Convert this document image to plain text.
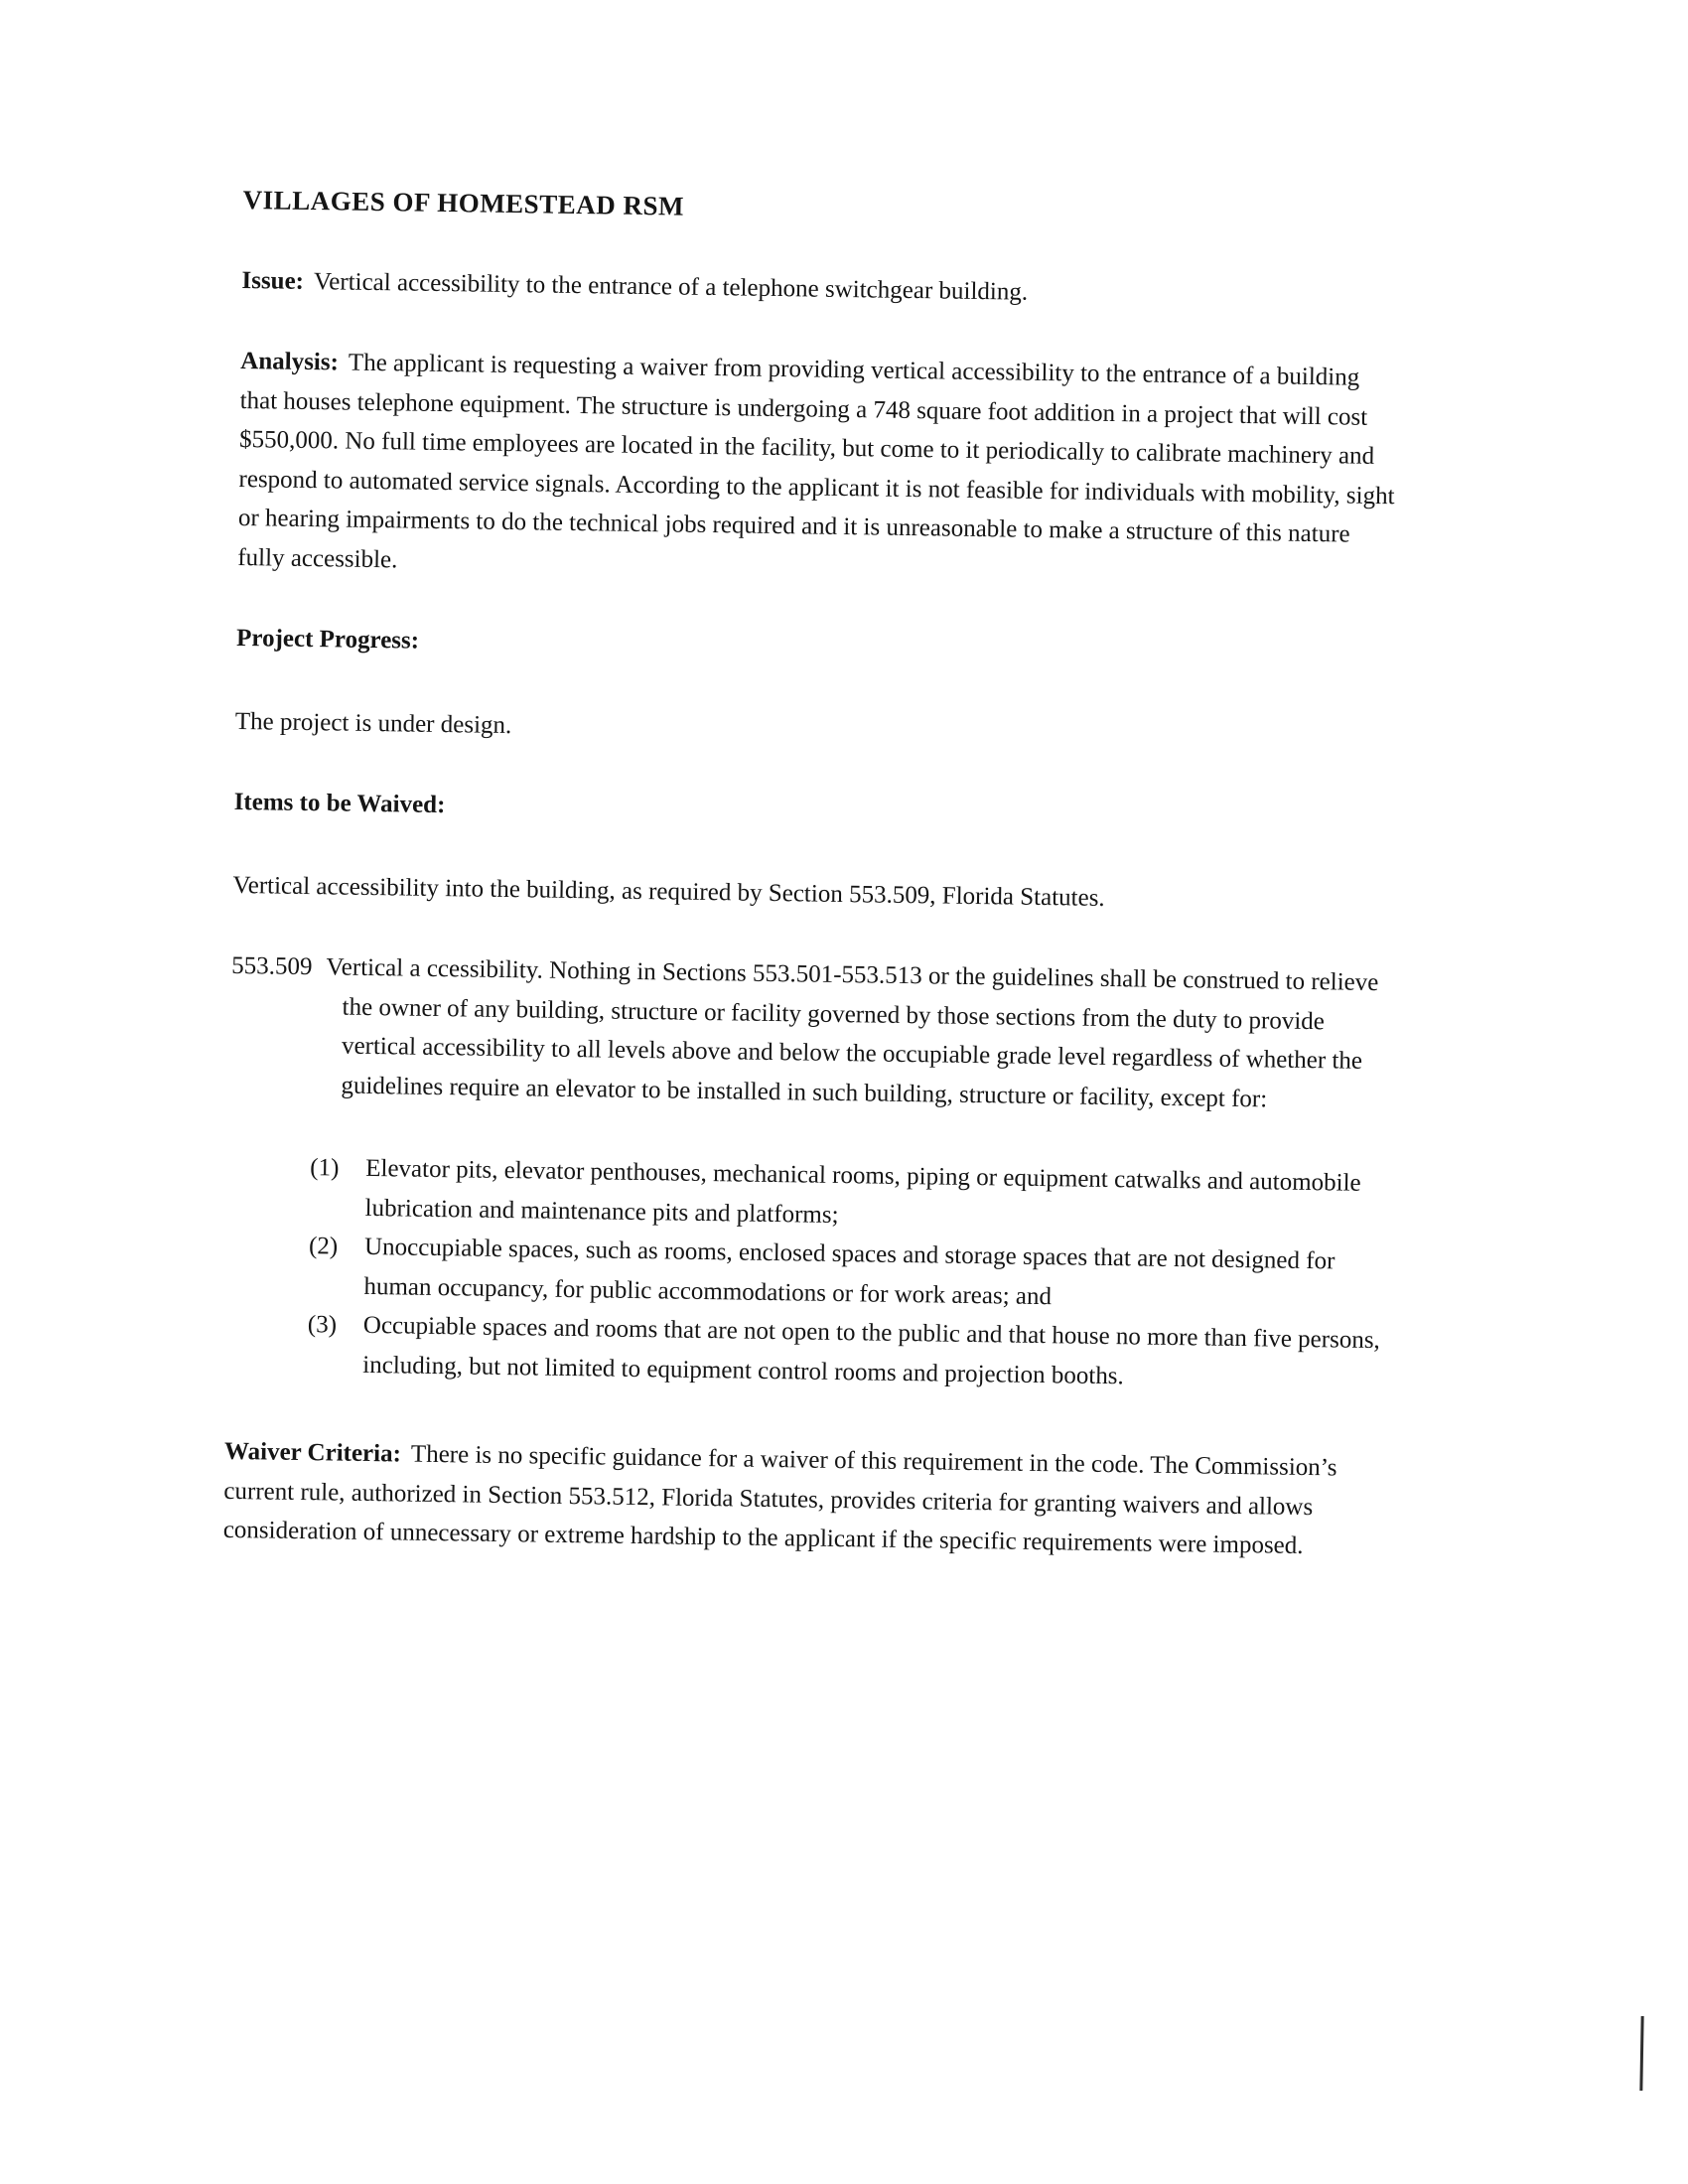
VILLAGES OF HOMESTEAD RSM

Issue: Vertical accessibility to the entrance of a telephone switchgear building.

Analysis: The applicant is requesting a waiver from providing vertical accessibility to the entrance of a building that houses telephone equipment. The structure is undergoing a 748 square foot addition in a project that will cost $550,000. No full time employees are located in the facility, but come to it periodically to calibrate machinery and respond to automated service signals. According to the applicant it is not feasible for individuals with mobility, sight or hearing impairments to do the technical jobs required and it is unreasonable to make a structure of this nature fully accessible.

Project Progress:

The project is under design.

Items to be Waived:

Vertical accessibility into the building, as required by Section 553.509, Florida Statutes.

553.509 Vertical a ccessibility. Nothing in Sections 553.501-553.513 or the guidelines shall be construed to relieve the owner of any building, structure or facility governed by those sections from the duty to provide vertical accessibility to all levels above and below the occupiable grade level regardless of whether the guidelines require an elevator to be installed in such building, structure or facility, except for:

(1)	Elevator pits, elevator penthouses, mechanical rooms, piping or equipment catwalks and automobile lubrication and maintenance pits and platforms;
(2)	Unoccupiable spaces, such as rooms, enclosed spaces and storage spaces that are not designed for human occupancy, for public accommodations or for work areas; and
(3)	Occupiable spaces and rooms that are not open to the public and that house no more than five persons, including, but not limited to equipment control rooms and projection booths.

Waiver Criteria: There is no specific guidance for a waiver of this requirement in the code. The Commission’s current rule, authorized in Section 553.512, Florida Statutes, provides criteria for granting waivers and allows consideration of unnecessary or extreme hardship to the applicant if the specific requirements were imposed.
